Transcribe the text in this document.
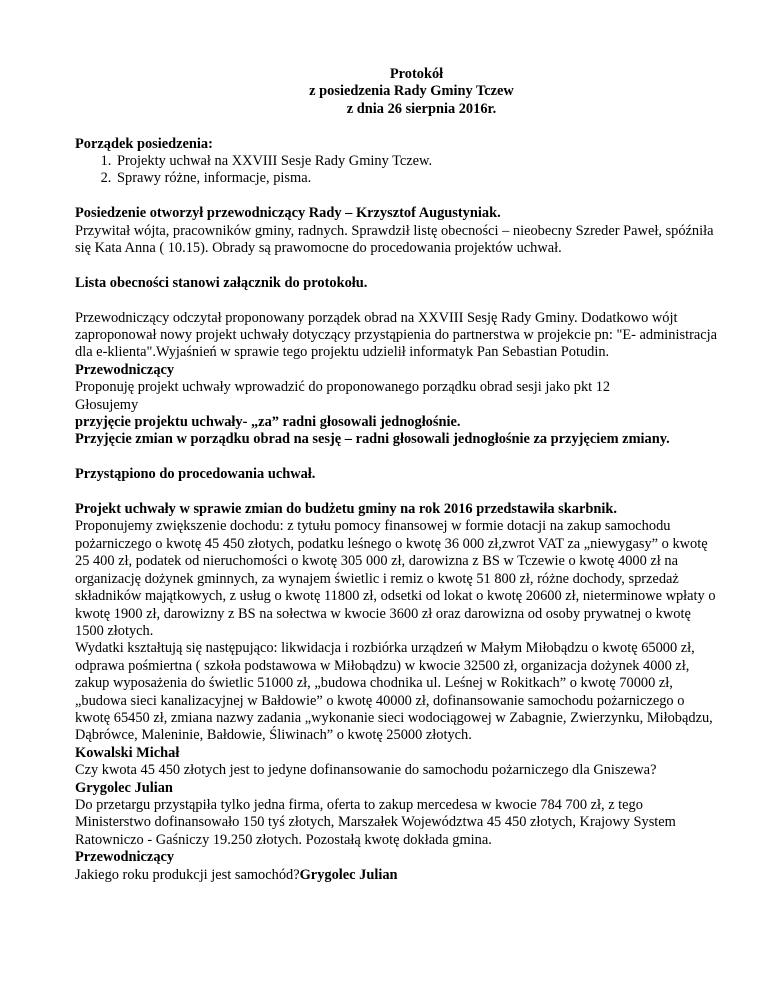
Protokół
z posiedzenia Rady Gminy Tczew
z dnia 26 sierpnia 2016r.

Porządek posiedzenia:

1. Projekty uchwał na XXVIII Sesje Rady Gminy Tczew.
2. Sprawy różne, informacje, pisma.

Posiedzenie otworzył przewodniczący Rady – Krzysztof Augustyniak.

Przywitał wójta, pracowników gminy, radnych. Sprawdził listę obecności – nieobecny Szreder Paweł, spóźniła się Kata Anna ( 10.15). Obrady są prawomocne do procedowania projektów uchwał.

Lista obecności stanowi załącznik do protokołu.

Przewodniczący odczytał proponowany porządek obrad na XXVIII Sesję Rady Gminy. Dodatkowo wójt zaproponował nowy projekt uchwały dotyczący przystąpienia do partnerstwa w projekcie pn: "E- administracja dla e-klienta".Wyjaśnień w sprawie tego projektu udzielił informatyk Pan Sebastian Potudin.

Przewodniczący

Proponuję projekt uchwały wprowadzić do proponowanego porządku obrad sesji jako pkt 12

Głosujemy

przyjęcie projektu uchwały- „za” radni głosowali jednogłośnie.

Przyjęcie zmian w porządku obrad na sesję – radni głosowali jednogłośnie za przyjęciem zmiany.

Przystąpiono do procedowania uchwał.

Projekt uchwały w sprawie zmian do budżetu gminy na rok 2016 przedstawiła skarbnik.

Proponujemy zwiększenie dochodu: z tytułu pomocy finansowej w formie dotacji na zakup samochodu pożarniczego o kwotę 45 450 złotych, podatku leśnego o kwotę 36 000 zł,zwrot VAT za „niewygasy” o kwotę 25 400 zł, podatek od nieruchomości o kwotę 305 000 zł, darowizna z BS w Tczewie o kwotę 4000 zł na organizację dożynek gminnych, za wynajem świetlic i remiz o kwotę 51 800 zł, różne dochody, sprzedaż składników majątkowych, z usług o kwotę 11800 zł, odsetki od lokat o kwotę 20600 zł, nieterminowe wpłaty o kwotę 1900 zł, darowizny z BS na sołectwa w kwocie 3600 zł oraz darowizna od osoby prywatnej o kwotę 1500 złotych.

Wydatki kształtują się następująco: likwidacja i rozbiórka urządzeń w Małym Miłobądzu o kwotę 65000 zł, odprawa pośmiertna ( szkoła podstawowa w Miłobądzu) w kwocie 32500 zł, organizacja dożynek 4000 zł, zakup wyposażenia do świetlic 51000 zł, „budowa chodnika ul. Leśnej w Rokitkach” o kwotę 70000 zł, „budowa sieci kanalizacyjnej w Bałdowie” o kwotę 40000 zł, dofinansowanie samochodu pożarniczego o kwotę 65450 zł, zmiana nazwy zadania „wykonanie sieci wodociągowej w Zabagnie, Zwierzynku, Miłobądzu, Dąbrówce, Maleninie, Bałdowie, Śliwinach” o kwotę 25000 złotych.

Kowalski Michał

Czy kwota 45 450 złotych jest to jedyne dofinansowanie do samochodu pożarniczego dla Gniszewa?

Grygolec Julian

Do przetargu przystąpiła tylko jedna firma, oferta to zakup mercedesa w kwocie 784 700 zł, z tego Ministerstwo dofinansowało 150 tyś złotych, Marszałek Województwa 45 450 złotych, Krajowy System Ratowniczo - Gaśniczy 19.250 złotych. Pozostałą kwotę dokłada gmina.

Przewodniczący

Jakiego roku produkcji jest samochód?Grygolec Julian
